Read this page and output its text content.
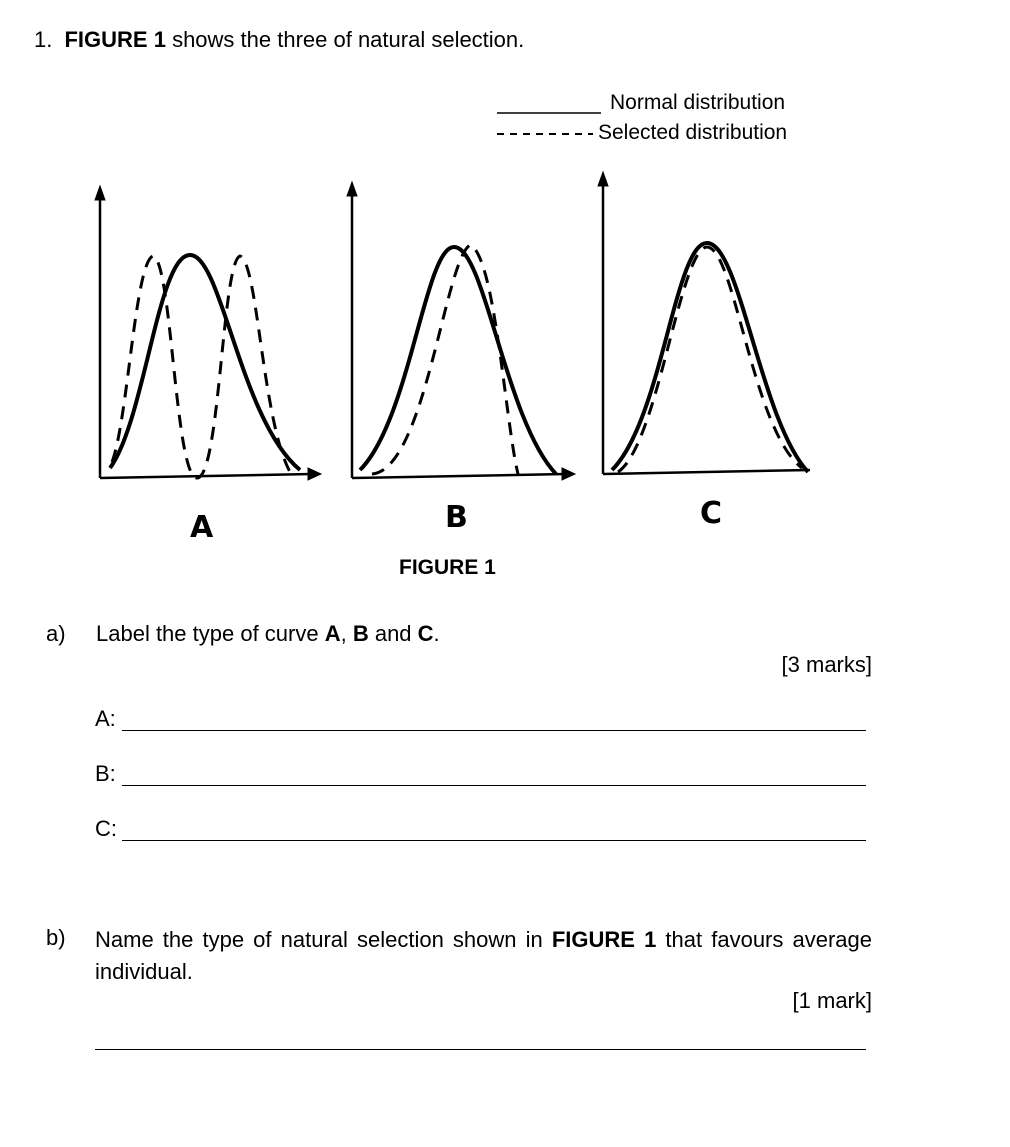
1. FIGURE 1 shows the three of natural selection.
Normal distribution
Selected distribution
A	B	C
FIGURE 1
a) Label the type of curve A, B and C.
[3 marks]
A:
B:
C:
b) Name the type of natural selection shown in FIGURE 1 that favours average individual.
[1 mark]
